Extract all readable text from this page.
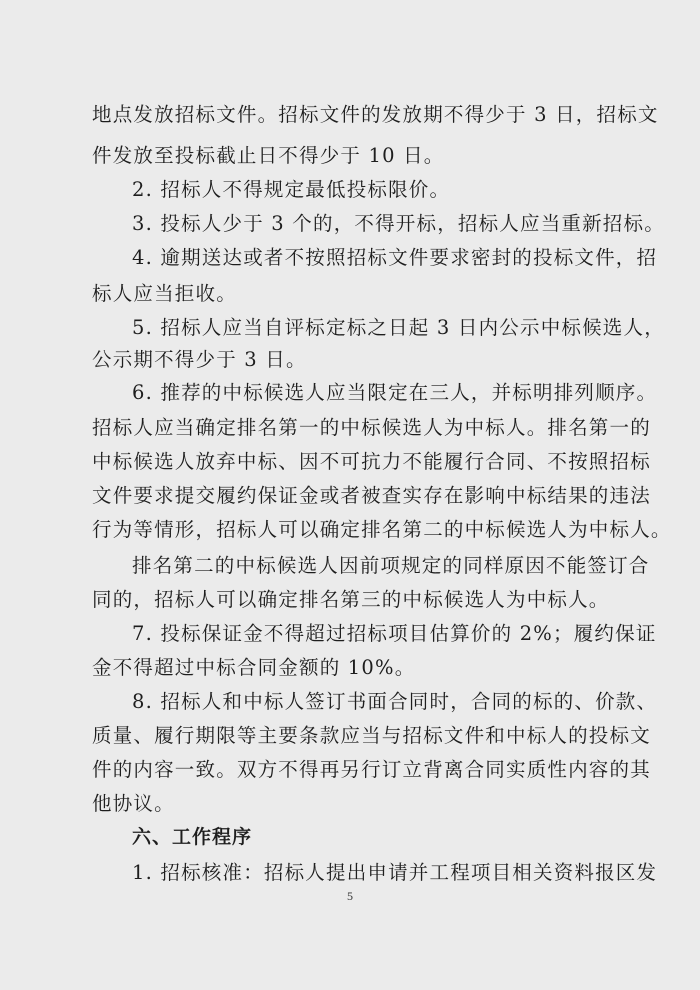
地点发放招标文件。招标文件的发放期不得少于 3 日，招标文
件发放至投标截止日不得少于 10 日。
2. 招标人不得规定最低投标限价。
3. 投标人少于 3 个的，不得开标，招标人应当重新招标。
4. 逾期送达或者不按照招标文件要求密封的投标文件，招
标人应当拒收。
5. 招标人应当自评标定标之日起 3 日内公示中标候选人，
公示期不得少于 3 日。
6. 推荐的中标候选人应当限定在三人，并标明排列顺序。
招标人应当确定排名第一的中标候选人为中标人。排名第一的
中标候选人放弃中标、因不可抗力不能履行合同、不按照招标
文件要求提交履约保证金或者被查实存在影响中标结果的违法
行为等情形，招标人可以确定排名第二的中标候选人为中标人。
排名第二的中标候选人因前项规定的同样原因不能签订合
同的，招标人可以确定排名第三的中标候选人为中标人。
7. 投标保证金不得超过招标项目估算价的 2%；履约保证
金不得超过中标合同金额的 10%。
8. 招标人和中标人签订书面合同时，合同的标的、价款、
质量、履行期限等主要条款应当与招标文件和中标人的投标文
件的内容一致。双方不得再另行订立背离合同实质性内容的其
他协议。
六、工作程序
1. 招标核准：招标人提出申请并工程项目相关资料报区发
5
